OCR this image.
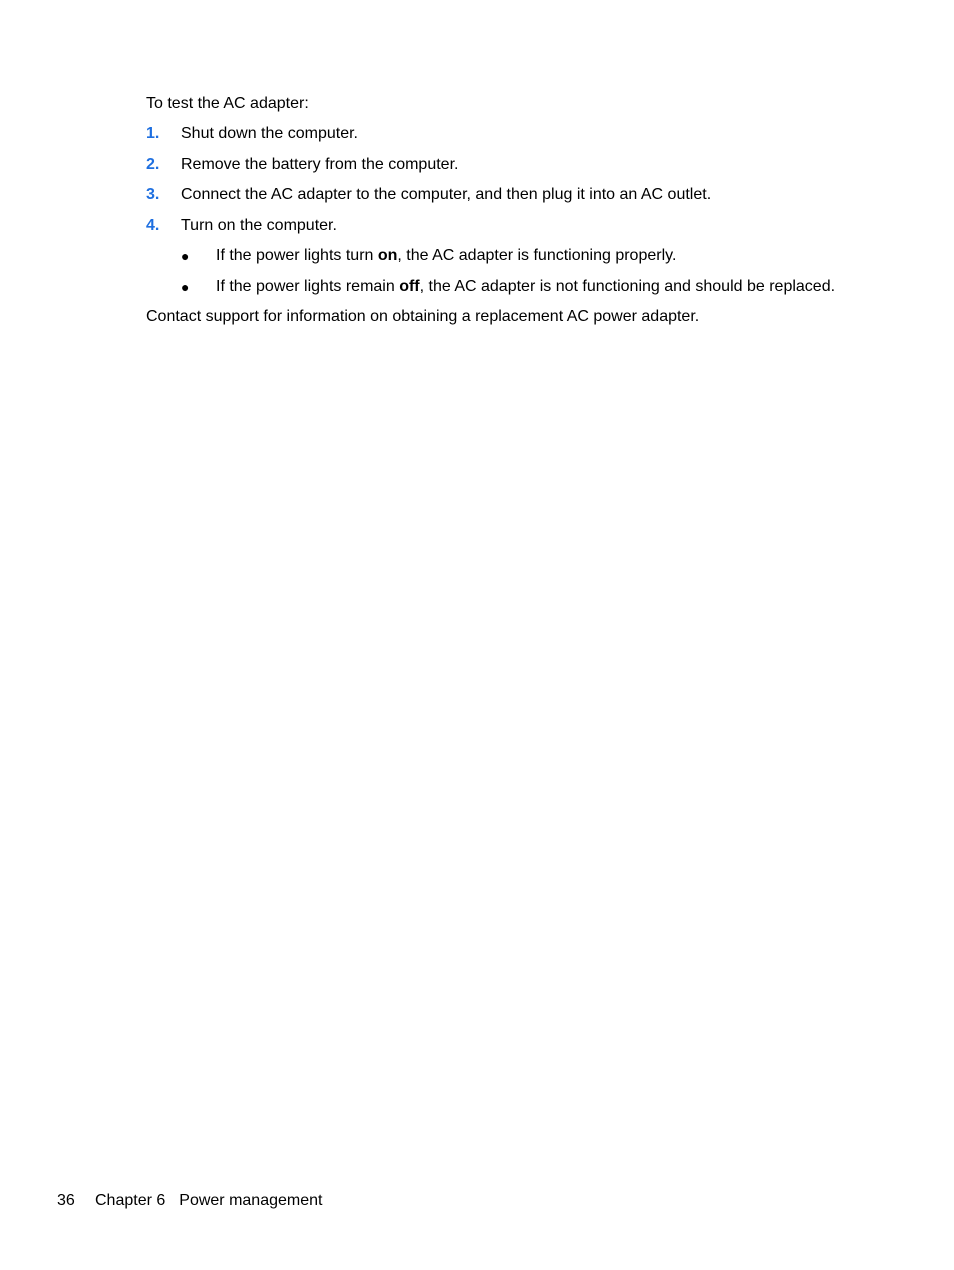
To test the AC adapter:
1. Shut down the computer.
2. Remove the battery from the computer.
3. Connect the AC adapter to the computer, and then plug it into an AC outlet.
4. Turn on the computer.
● If the power lights turn on, the AC adapter is functioning properly.
● If the power lights remain off, the AC adapter is not functioning and should be replaced.
Contact support for information on obtaining a replacement AC power adapter.
36 Chapter 6 Power management
